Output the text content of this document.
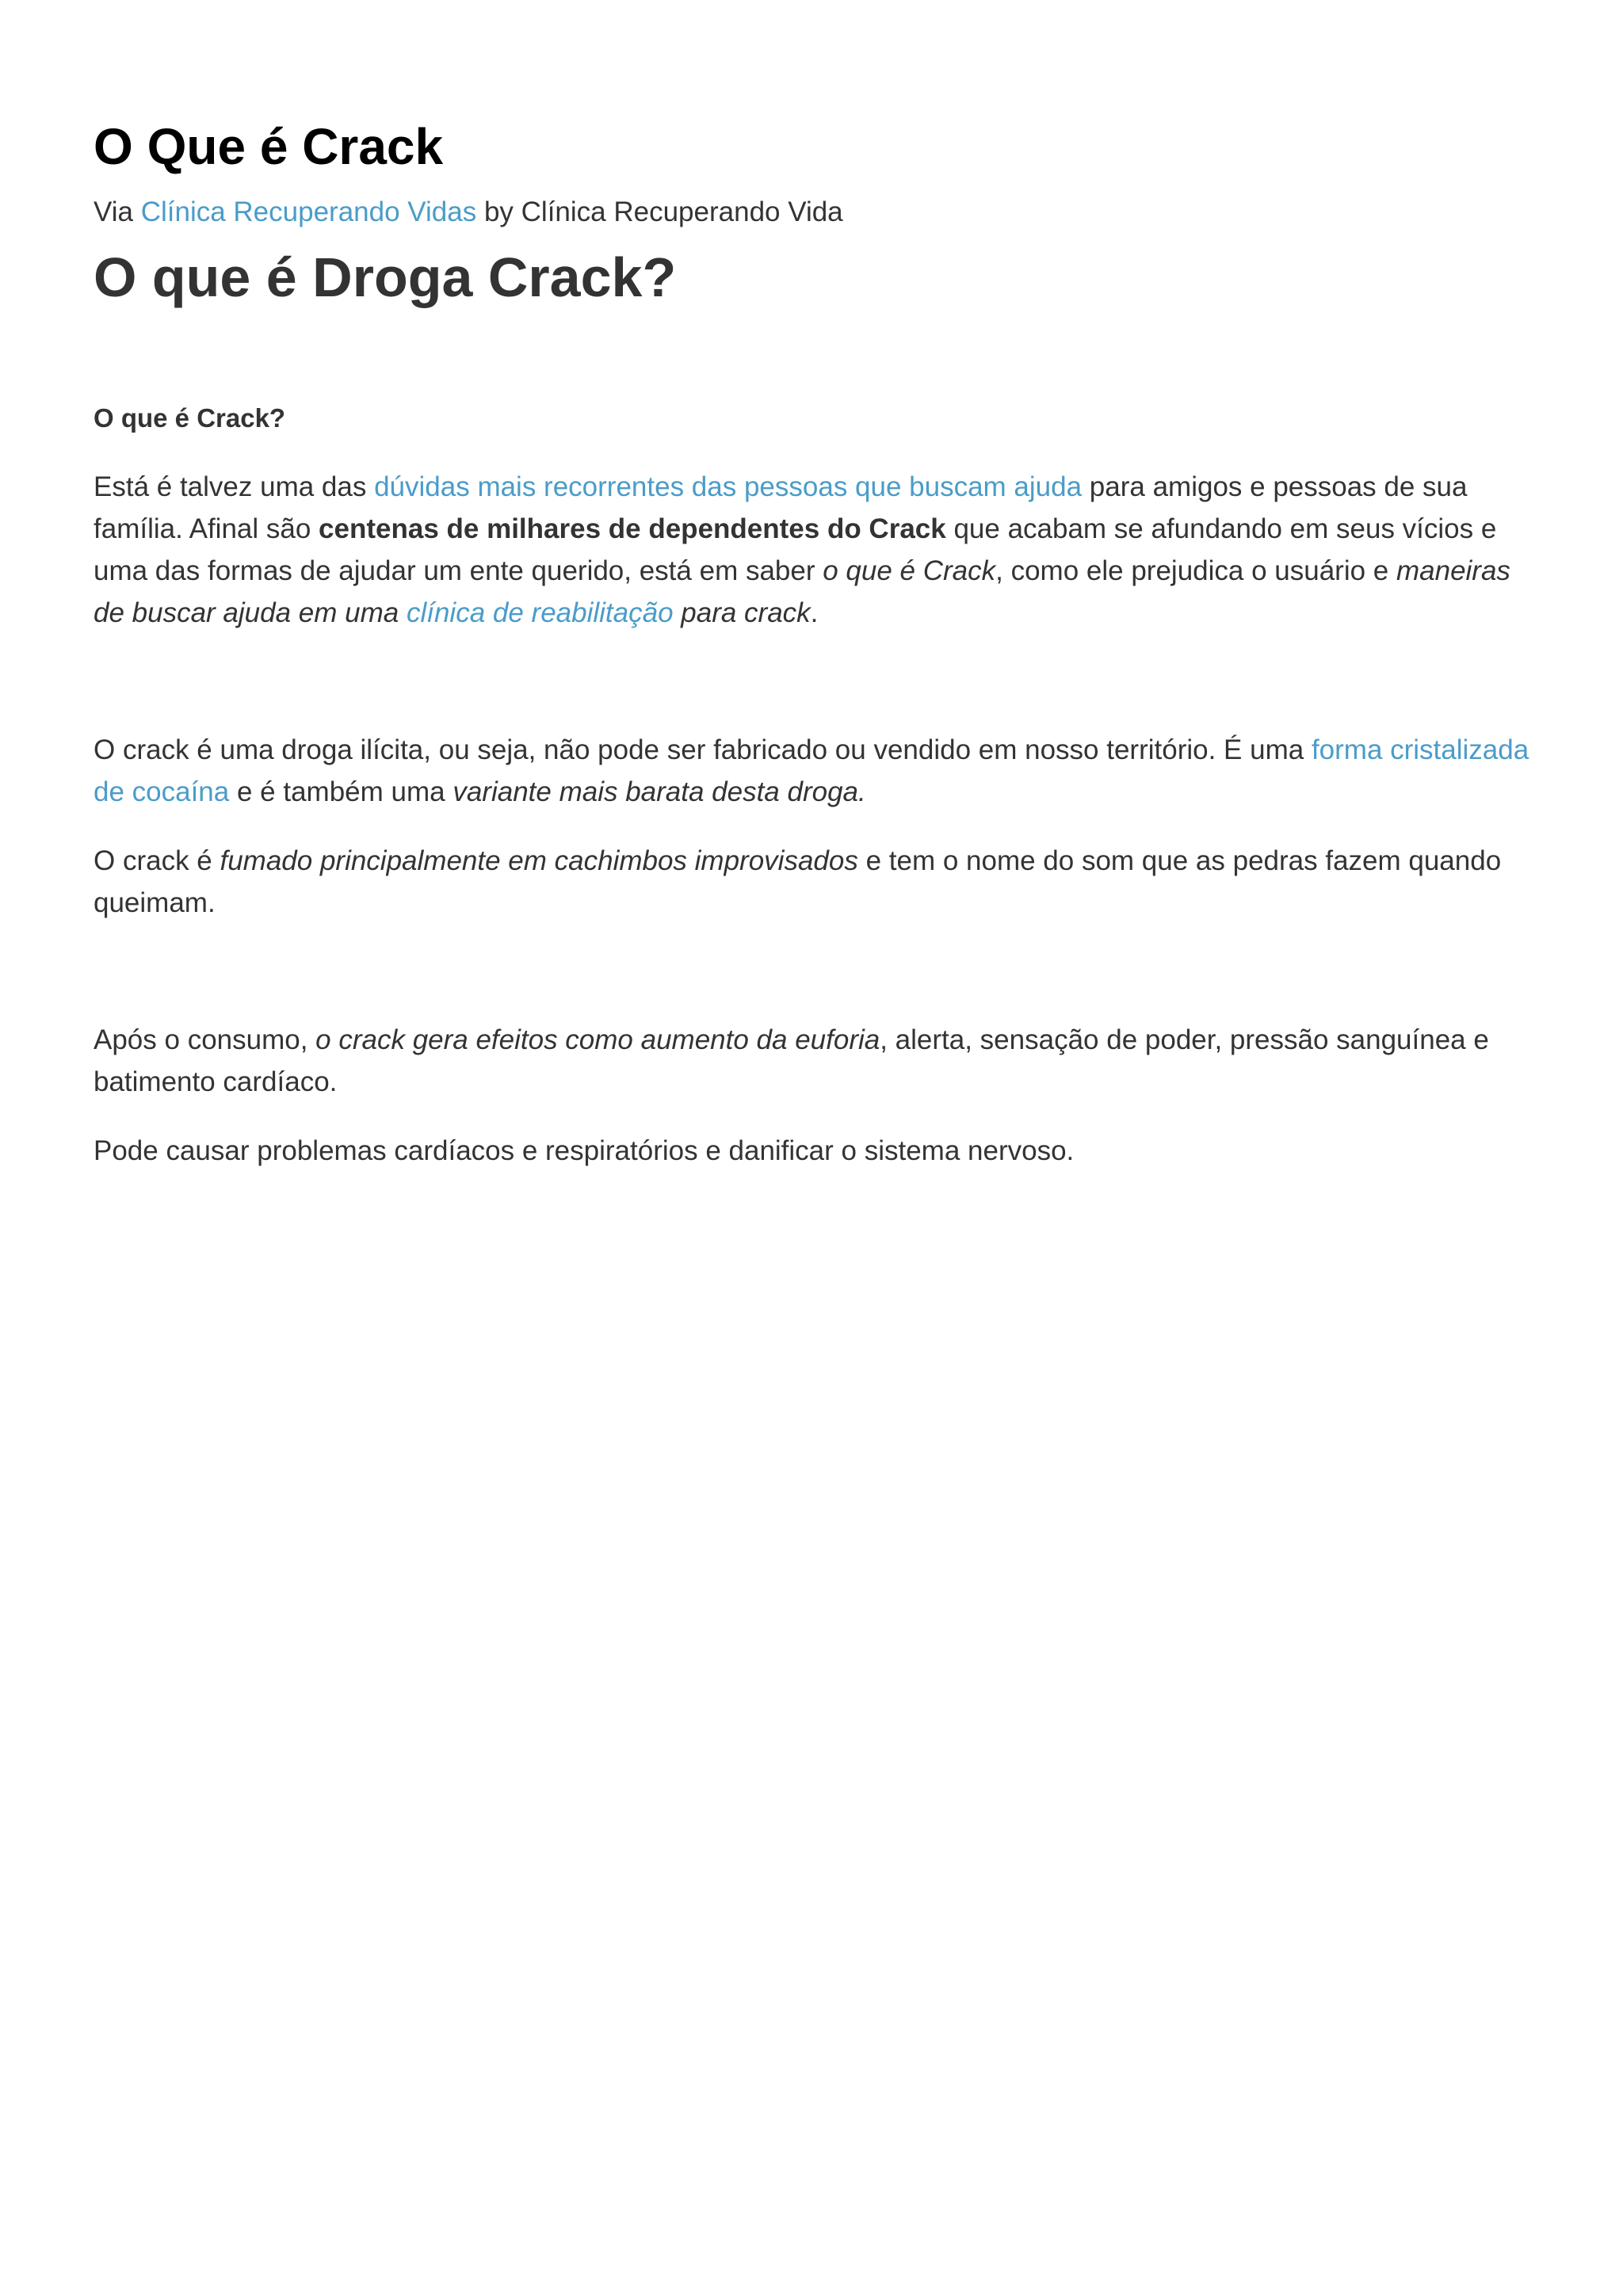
O Que é Crack
Via Clínica Recuperando Vidas by Clínica Recuperando Vida
O que é Droga Crack?
O que é Crack?

Está é talvez uma das dúvidas mais recorrentes das pessoas que buscam ajuda para amigos e pessoas de sua família. Afinal são centenas de milhares de dependentes do Crack que acabam se afundando em seus vícios e uma das formas de ajudar um ente querido, está em saber o que é Crack, como ele prejudica o usuário e maneiras de buscar ajuda em uma clínica de reabilitação para crack.

O crack é uma droga ilícita, ou seja, não pode ser fabricado ou vendido em nosso território. É uma forma cristalizada de cocaína e é também uma variante mais barata desta droga.

O crack é fumado principalmente em cachimbos improvisados e tem o nome do som que as pedras fazem quando queimam.

Após o consumo, o crack gera efeitos como aumento da euforia, alerta, sensação de poder, pressão sanguínea e batimento cardíaco.

Pode causar problemas cardíacos e respiratórios e danificar o sistema nervoso.
